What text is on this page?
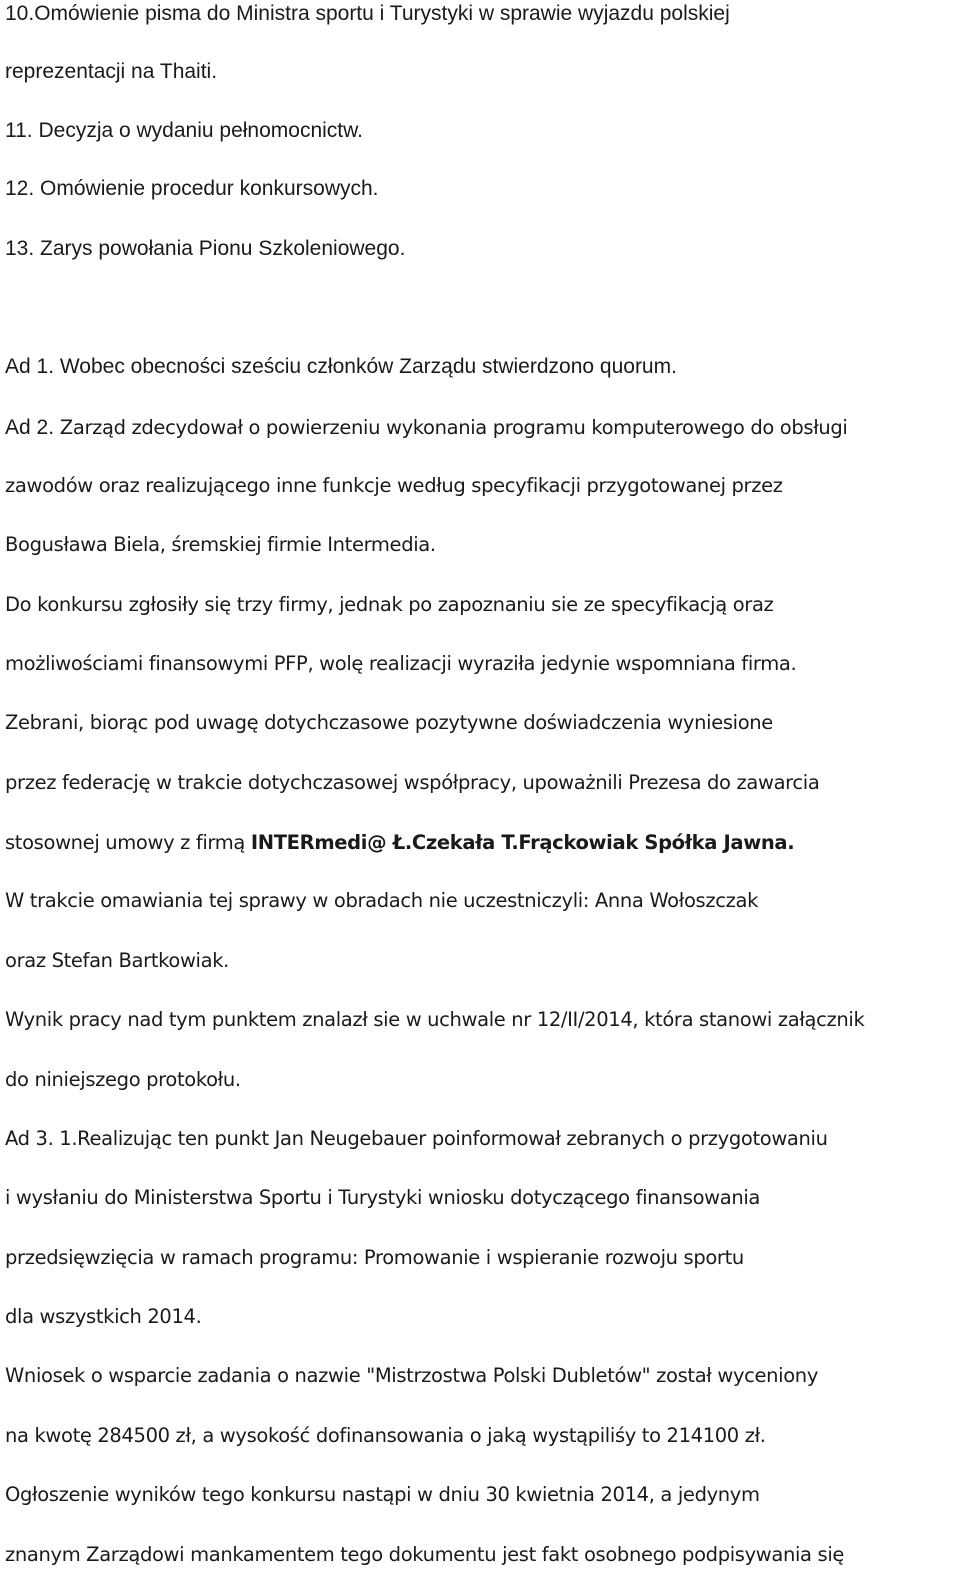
10.Omówienie pisma do Ministra sportu i Turystyki w sprawie wyjazdu polskiej
reprezentacji na Thaiti.
11. Decyzja o wydaniu pełnomocnictw.
12. Omówienie procedur konkursowych.
13. Zarys powołania Pionu Szkoleniowego.
Ad 1. Wobec obecności sześciu członków Zarządu stwierdzono quorum.
Ad 2. Zarząd zdecydował o powierzeniu wykonania programu komputerowego do obsługi
zawodów oraz realizującego inne funkcje według specyfikacji przygotowanej przez
Bogusława Biela, śremskiej firmie Intermedia.
Do konkursu zgłosiły się trzy firmy, jednak po zapoznaniu sie ze specyfikacją oraz
możliwościami finansowymi PFP, wolę realizacji wyraziła jedynie wspomniana firma.
Zebrani, biorąc pod uwagę dotychczasowe pozytywne doświadczenia wyniesione
przez federację w trakcie dotychczasowej współpracy, upoważnili Prezesa do zawarcia
stosownej umowy z firmą INTERmedi@ Ł.Czekała T.Frąckowiak Spółka Jawna.
W trakcie omawiania tej sprawy w obradach nie uczestniczyli: Anna Wołoszczak
oraz Stefan Bartkowiak.
Wynik pracy nad tym punktem znalazł sie w uchwale nr 12/II/2014, która stanowi załącznik
do niniejszego protokołu.
Ad 3. 1.Realizując ten punkt Jan Neugebauer poinformował zebranych o przygotowaniu
i wysłaniu do Ministerstwa Sportu i Turystyki wniosku dotyczącego finansowania
przedsięwzięcia w ramach programu: Promowanie i wspieranie rozwoju sportu
dla wszystkich 2014.
Wniosek o wsparcie zadania o nazwie "Mistrzostwa Polski Dubletów" został wyceniony
na kwotę 284500 zł, a wysokość dofinansowania o jaką wystąpiliśy to 214100 zł.
Ogłoszenie wyników tego konkursu nastąpi w dniu 30 kwietnia 2014, a jedynym
znanym Zarządowi mankamentem tego dokumentu jest fakt osobnego podpisywania się
